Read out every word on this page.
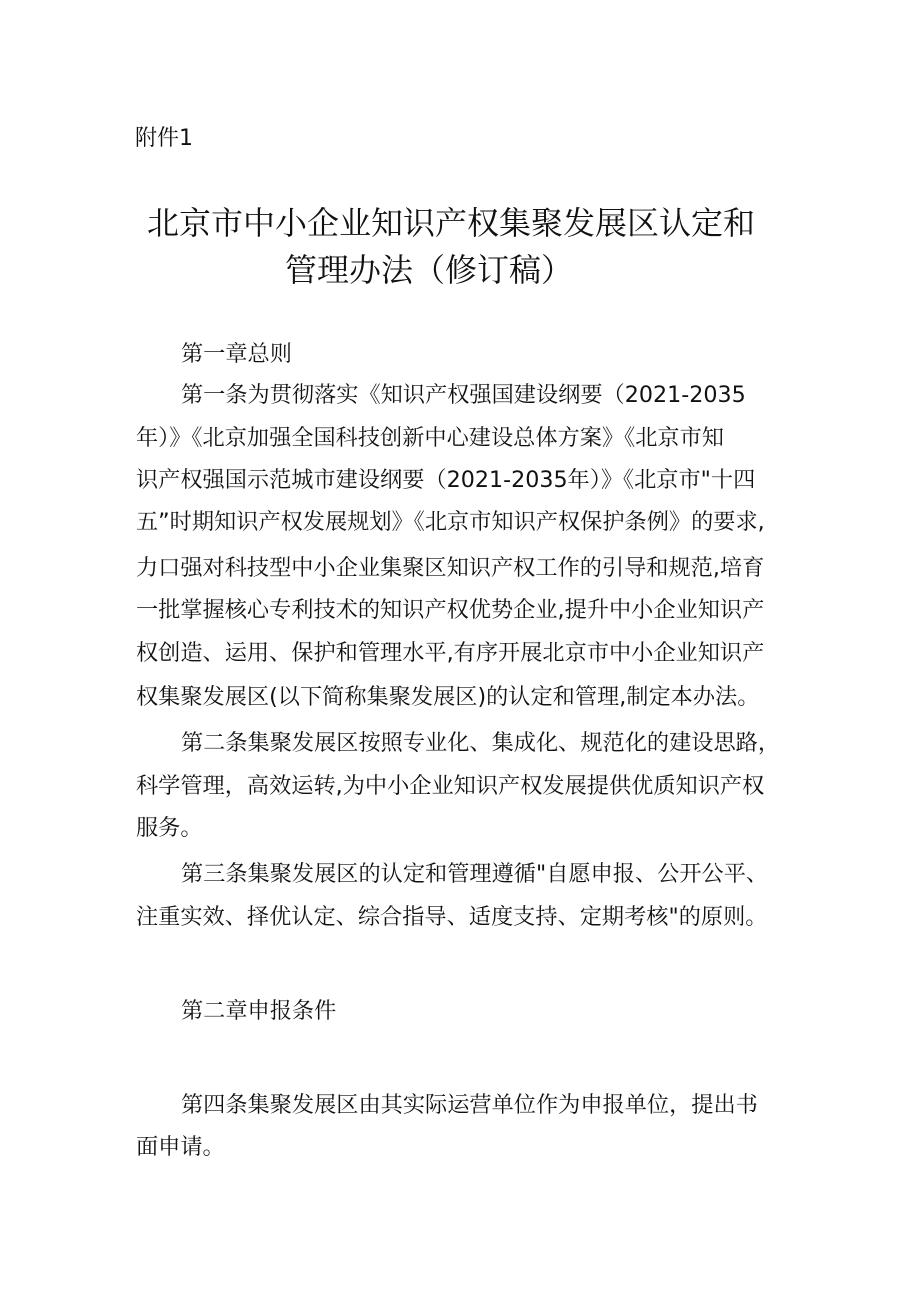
附件1
北京市中小企业知识产权集聚发展区认定和
管理办法（修订稿）
第一章总则
第一条为贯彻落实《知识产权强国建设纲要（2021-2035
年）》《北京加强全国科技创新中心建设总体方案》《北京市知
识产权强国示范城市建设纲要（2021-2035年）》《北京市"十四
五”时期知识产权发展规划》《北京市知识产权保护条例》的要求,
力口强对科技型中小企业集聚区知识产权工作的引导和规范,培育
一批掌握核心专利技术的知识产权优势企业,提升中小企业知识产
权创造、运用、保护和管理水平,有序开展北京市中小企业知识产
权集聚发展区(以下简称集聚发展区)的认定和管理,制定本办法。
第二条集聚发展区按照专业化、集成化、规范化的建设思路，
科学管理，高效运转,为中小企业知识产权发展提供优质知识产权
服务。
第三条集聚发展区的认定和管理遵循"自愿申报、公开公平、
注重实效、择优认定、综合指导、适度支持、定期考核"的原则。
第二章申报条件
第四条集聚发展区由其实际运营单位作为申报单位，提出书
面申请。
